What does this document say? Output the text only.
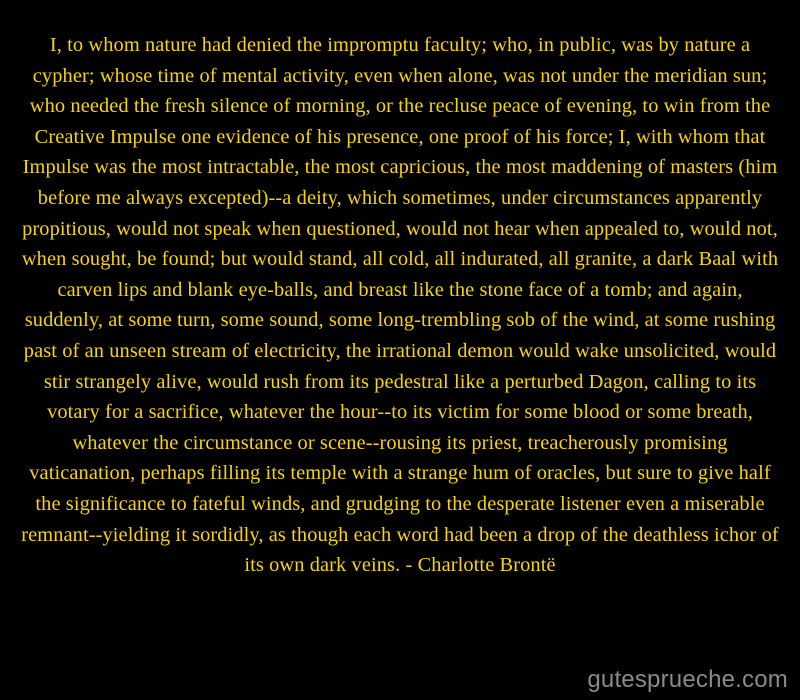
I, to whom nature had denied the impromptu faculty; who, in public, was by nature a cypher; whose time of mental activity, even when alone, was not under the meridian sun; who needed the fresh silence of morning, or the recluse peace of evening, to win from the Creative Impulse one evidence of his presence, one proof of his force; I, with whom that Impulse was the most intractable, the most capricious, the most maddening of masters (him before me always excepted)--a deity, which sometimes, under circumstances apparently propitious, would not speak when questioned, would not hear when appealed to, would not, when sought, be found; but would stand, all cold, all indurated, all granite, a dark Baal with carven lips and blank eye-balls, and breast like the stone face of a tomb; and again, suddenly, at some turn, some sound, some long-trembling sob of the wind, at some rushing past of an unseen stream of electricity, the irrational demon would wake unsolicited, would stir strangely alive, would rush from its pedestral like a perturbed Dagon, calling to its votary for a sacrifice, whatever the hour--to its victim for some blood or some breath, whatever the circumstance or scene--rousing its priest, treacherously promising vaticanation, perhaps filling its temple with a strange hum of oracles, but sure to give half the significance to fateful winds, and grudging to the desperate listener even a miserable remnant--yielding it sordidly, as though each word had been a drop of the deathless ichor of its own dark veins. - Charlotte Brontë
gutesprueche.com
